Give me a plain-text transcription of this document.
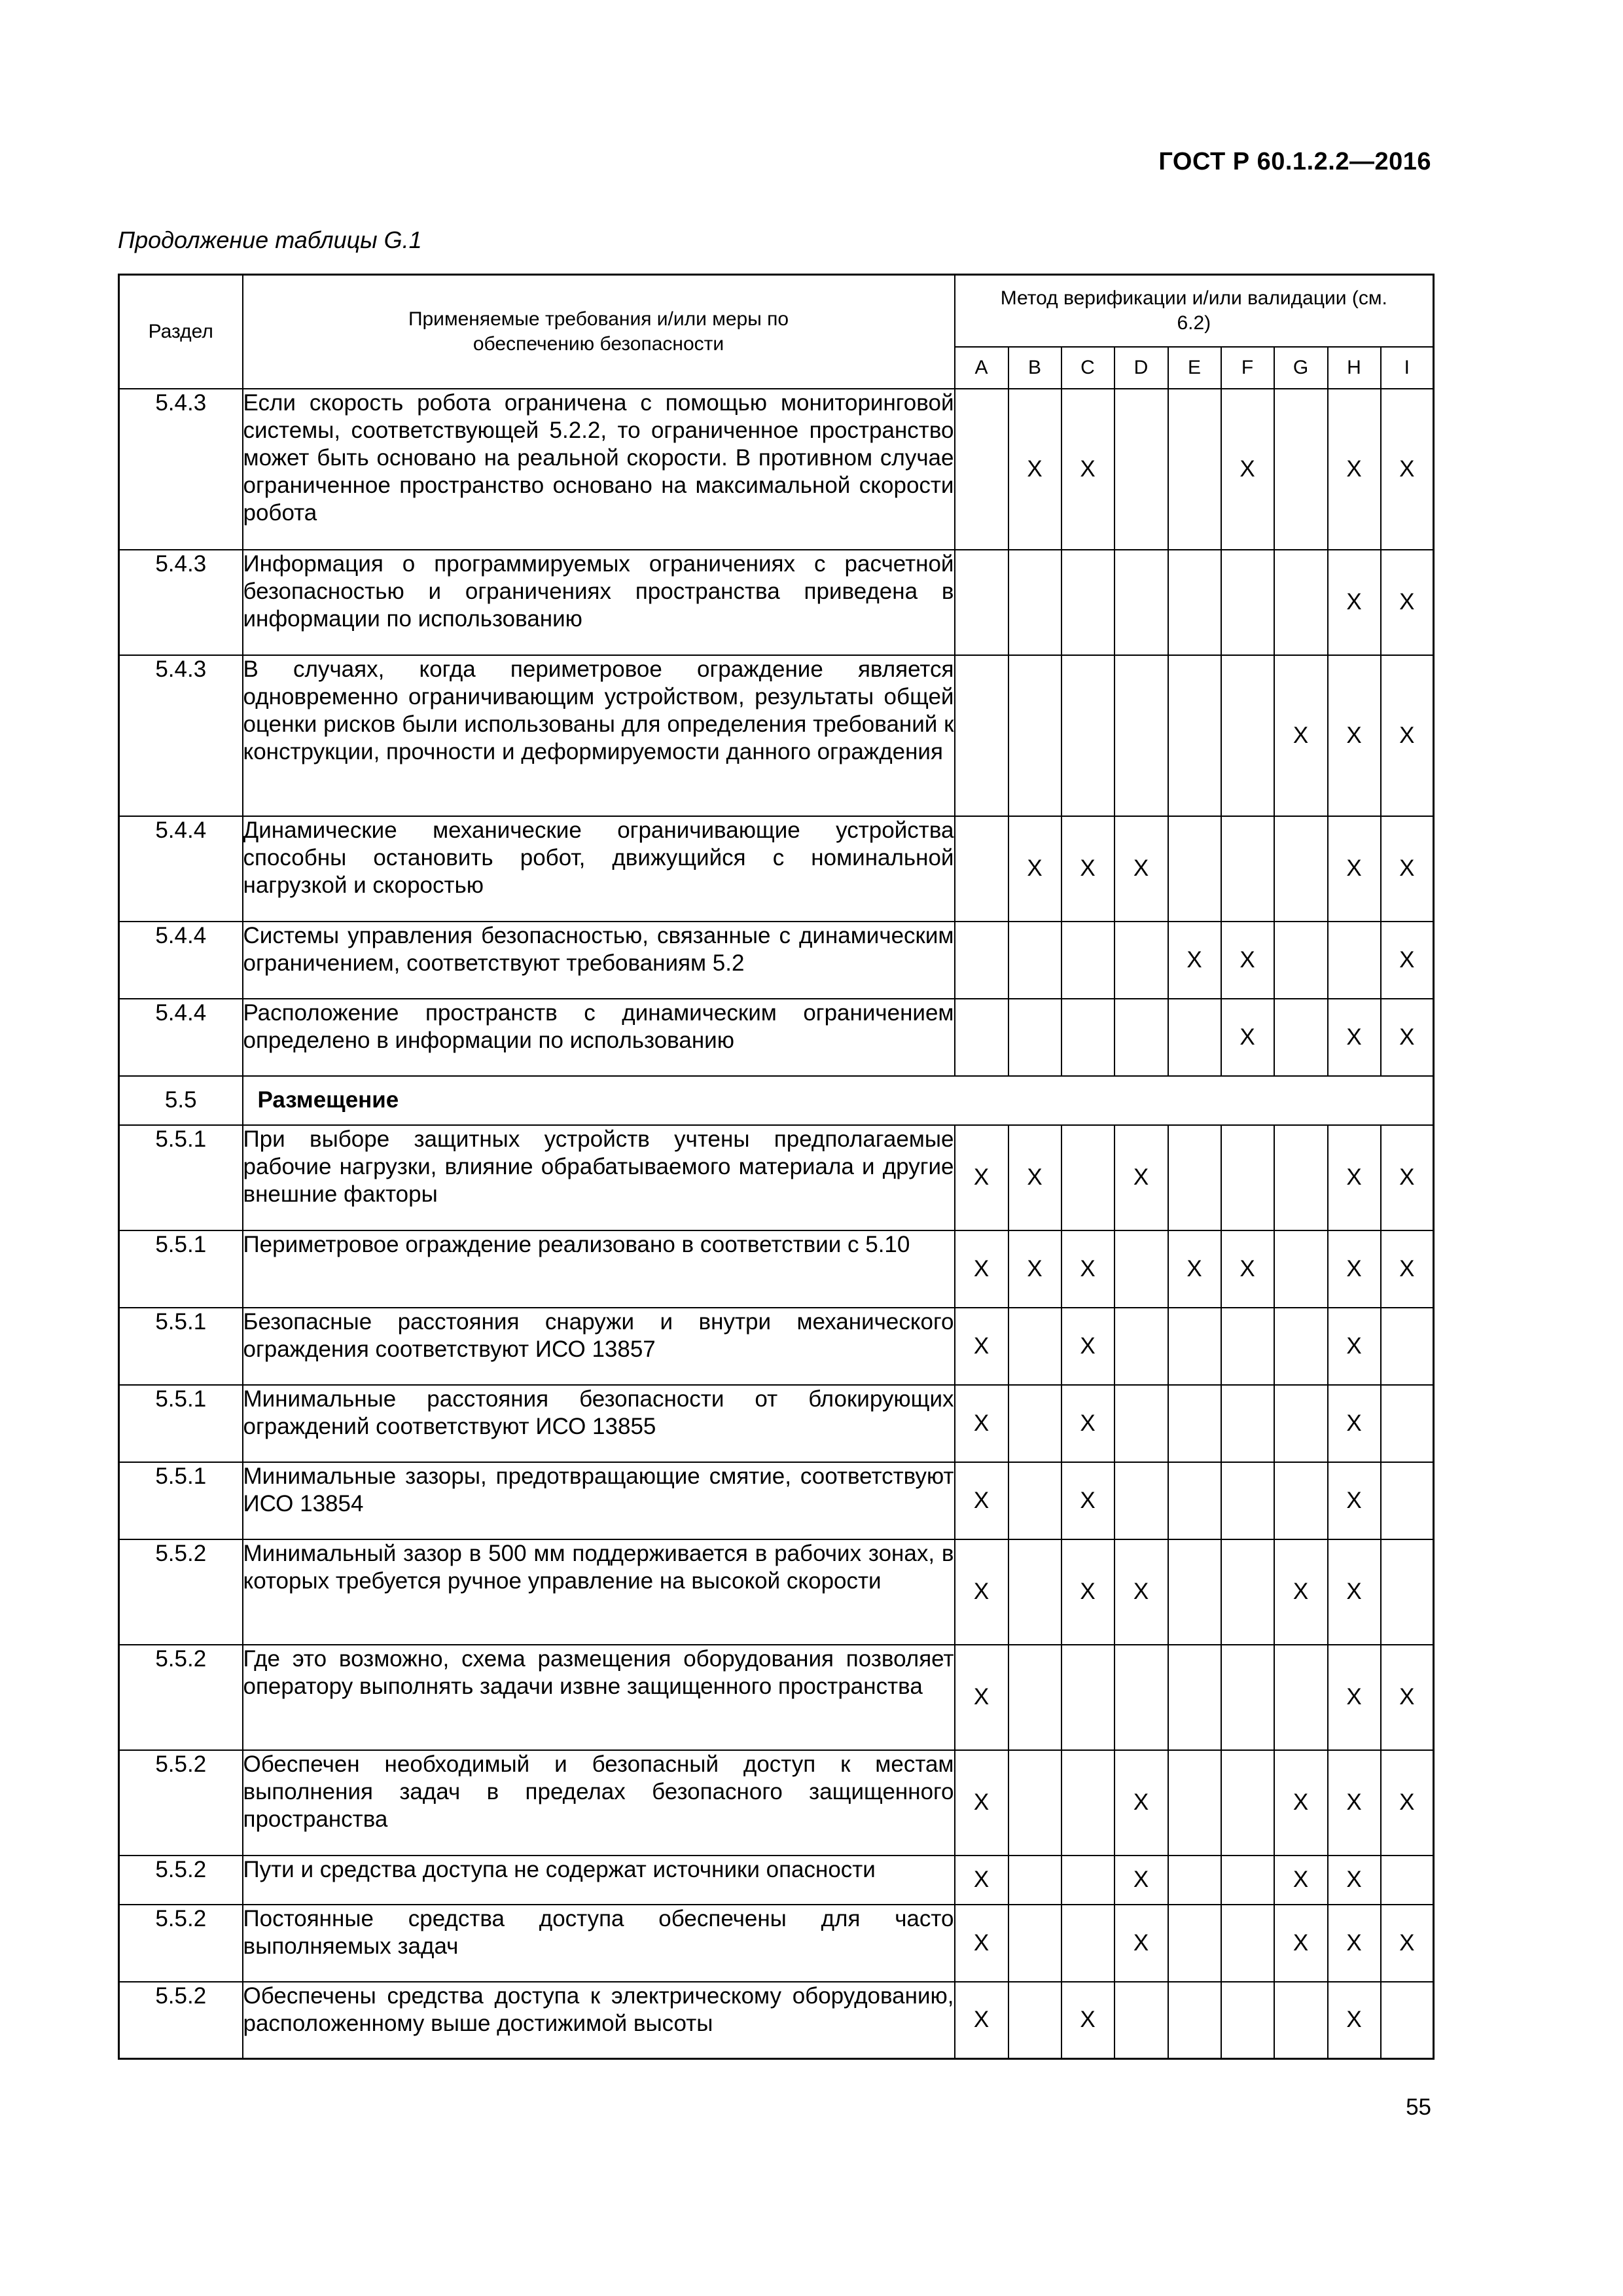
ГОСТ Р 60.1.2.2—2016
Продолжение таблицы G.1
Раздел	Применяемые требования и/или меры по обеспечению безопасности	Метод верификации и/или валидации (см. 6.2)								
		A	B	C	D	E	F	G	H	I
5.4.3	Если скорость робота ограничена с помощью мониторинговой системы, соответствующей 5.2.2, то ограниченное пространство может быть основано на реальной скорости. В противном случае ограниченное пространство основано на максимальной скорости робота		X	X			X		X	X
5.4.3	Информация о программируемых ограничениях с расчетной безопасностью и ограничениях пространства приведена в информации по использованию								X	X
5.4.3	В случаях, когда периметровое ограждение является одновременно ограничивающим устройством, результаты общей оценки рисков были использованы для определения требований к конструкции, прочности и деформируемости данного ограждения							X	X	X
5.4.4	Динамические механические ограничивающие устройства способны остановить робот, движущийся с номинальной нагрузкой и скоростью		X	X	X				X	X
5.4.4	Системы управления безопасностью, связанные с динамическим ограничением, соответствуют требованиям 5.2					X	X			X
5.4.4	Расположение пространств с динамическим ограничением определено в информации по использованию						X		X	X
5.5	Размещение									
5.5.1	При выборе защитных устройств учтены предполагаемые рабочие нагрузки, влияние обрабатываемого материала и другие внешние факторы	X	X		X				X	X
5.5.1	Периметровое ограждение реализовано в соответствии с 5.10	X	X	X		X	X		X	X
5.5.1	Безопасные расстояния снаружи и внутри механического ограждения соответствуют ИСО 13857	X		X					X	
5.5.1	Минимальные расстояния безопасности от блокирующих ограждений соответствуют ИСО 13855	X		X					X	
5.5.1	Минимальные зазоры, предотвращающие смятие, соответствуют ИСО 13854	X		X					X	
5.5.2	Минимальный зазор в 500 мм поддерживается в рабочих зонах, в которых требуется ручное управление на высокой скорости	X		X	X			X	X	
5.5.2	Где это возможно, схема размещения оборудования позволяет оператору выполнять задачи извне защищенного пространства	X							X	X
5.5.2	Обеспечен необходимый и безопасный доступ к местам выполнения задач в пределах безопасного защищенного пространства	X			X			X	X	X
5.5.2	Пути и средства доступа не содержат источники опасности	X			X			X	X	
5.5.2	Постоянные средства доступа обеспечены для часто выполняемых задач	X			X			X	X	X
5.5.2	Обеспечены средства доступа к электрическому оборудованию, расположенному выше достижимой высоты	X		X					X	
55
